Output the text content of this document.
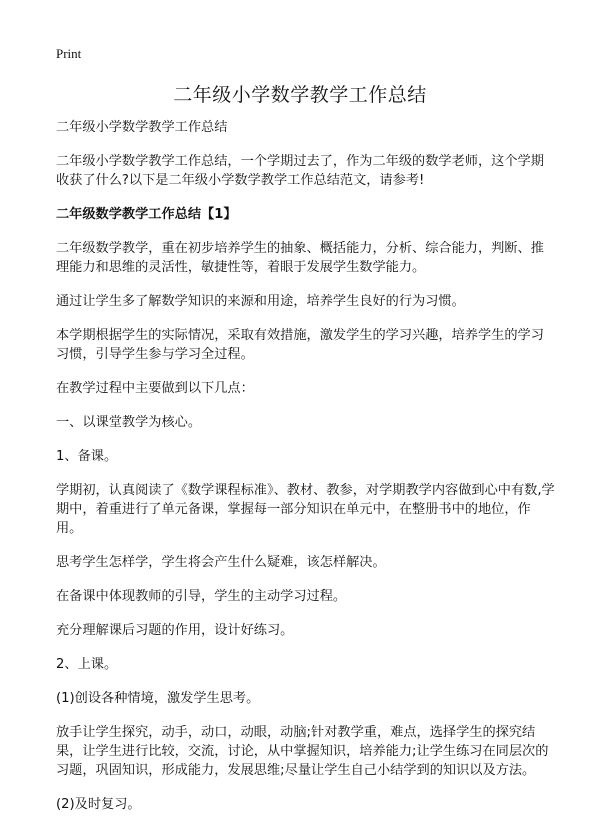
Print
二年级小学数学教学工作总结

二年级小学数学教学工作总结

二年级小学数学教学工作总结，一个学期过去了，作为二年级的数学老师，这个学期收获了什么?以下是二年级小学数学教学工作总结范文，请参考!

二年级数学教学工作总结【1】

二年级数学教学，重在初步培养学生的抽象、概括能力，分析、综合能力，判断、推理能力和思维的灵活性，敏捷性等，着眼于发展学生数学能力。

通过让学生多了解数学知识的来源和用途，培养学生良好的行为习惯。

本学期根据学生的实际情况，采取有效措施，激发学生的学习兴趣，培养学生的学习习惯，引导学生参与学习全过程。

在教学过程中主要做到以下几点：

一、以课堂教学为核心。

1、备课。

学期初，认真阅读了《数学课程标准》、教材、教参，对学期教学内容做到心中有数,学期中，着重进行了单元备课，掌握每一部分知识在单元中，在整册书中的地位，作用。

思考学生怎样学，学生将会产生什么疑难，该怎样解决。

在备课中体现教师的引导，学生的主动学习过程。

充分理解课后习题的作用，设计好练习。

2、上课。

(1)创设各种情境，激发学生思考。

放手让学生探究，动手，动口，动眼，动脑;针对教学重，难点，选择学生的探究结果，让学生进行比较，交流，讨论，从中掌握知识，培养能力;让学生练习在同层次的习题，巩固知识，形成能力，发展思维;尽量让学生自己小结学到的知识以及方法。

(2)及时复习。
